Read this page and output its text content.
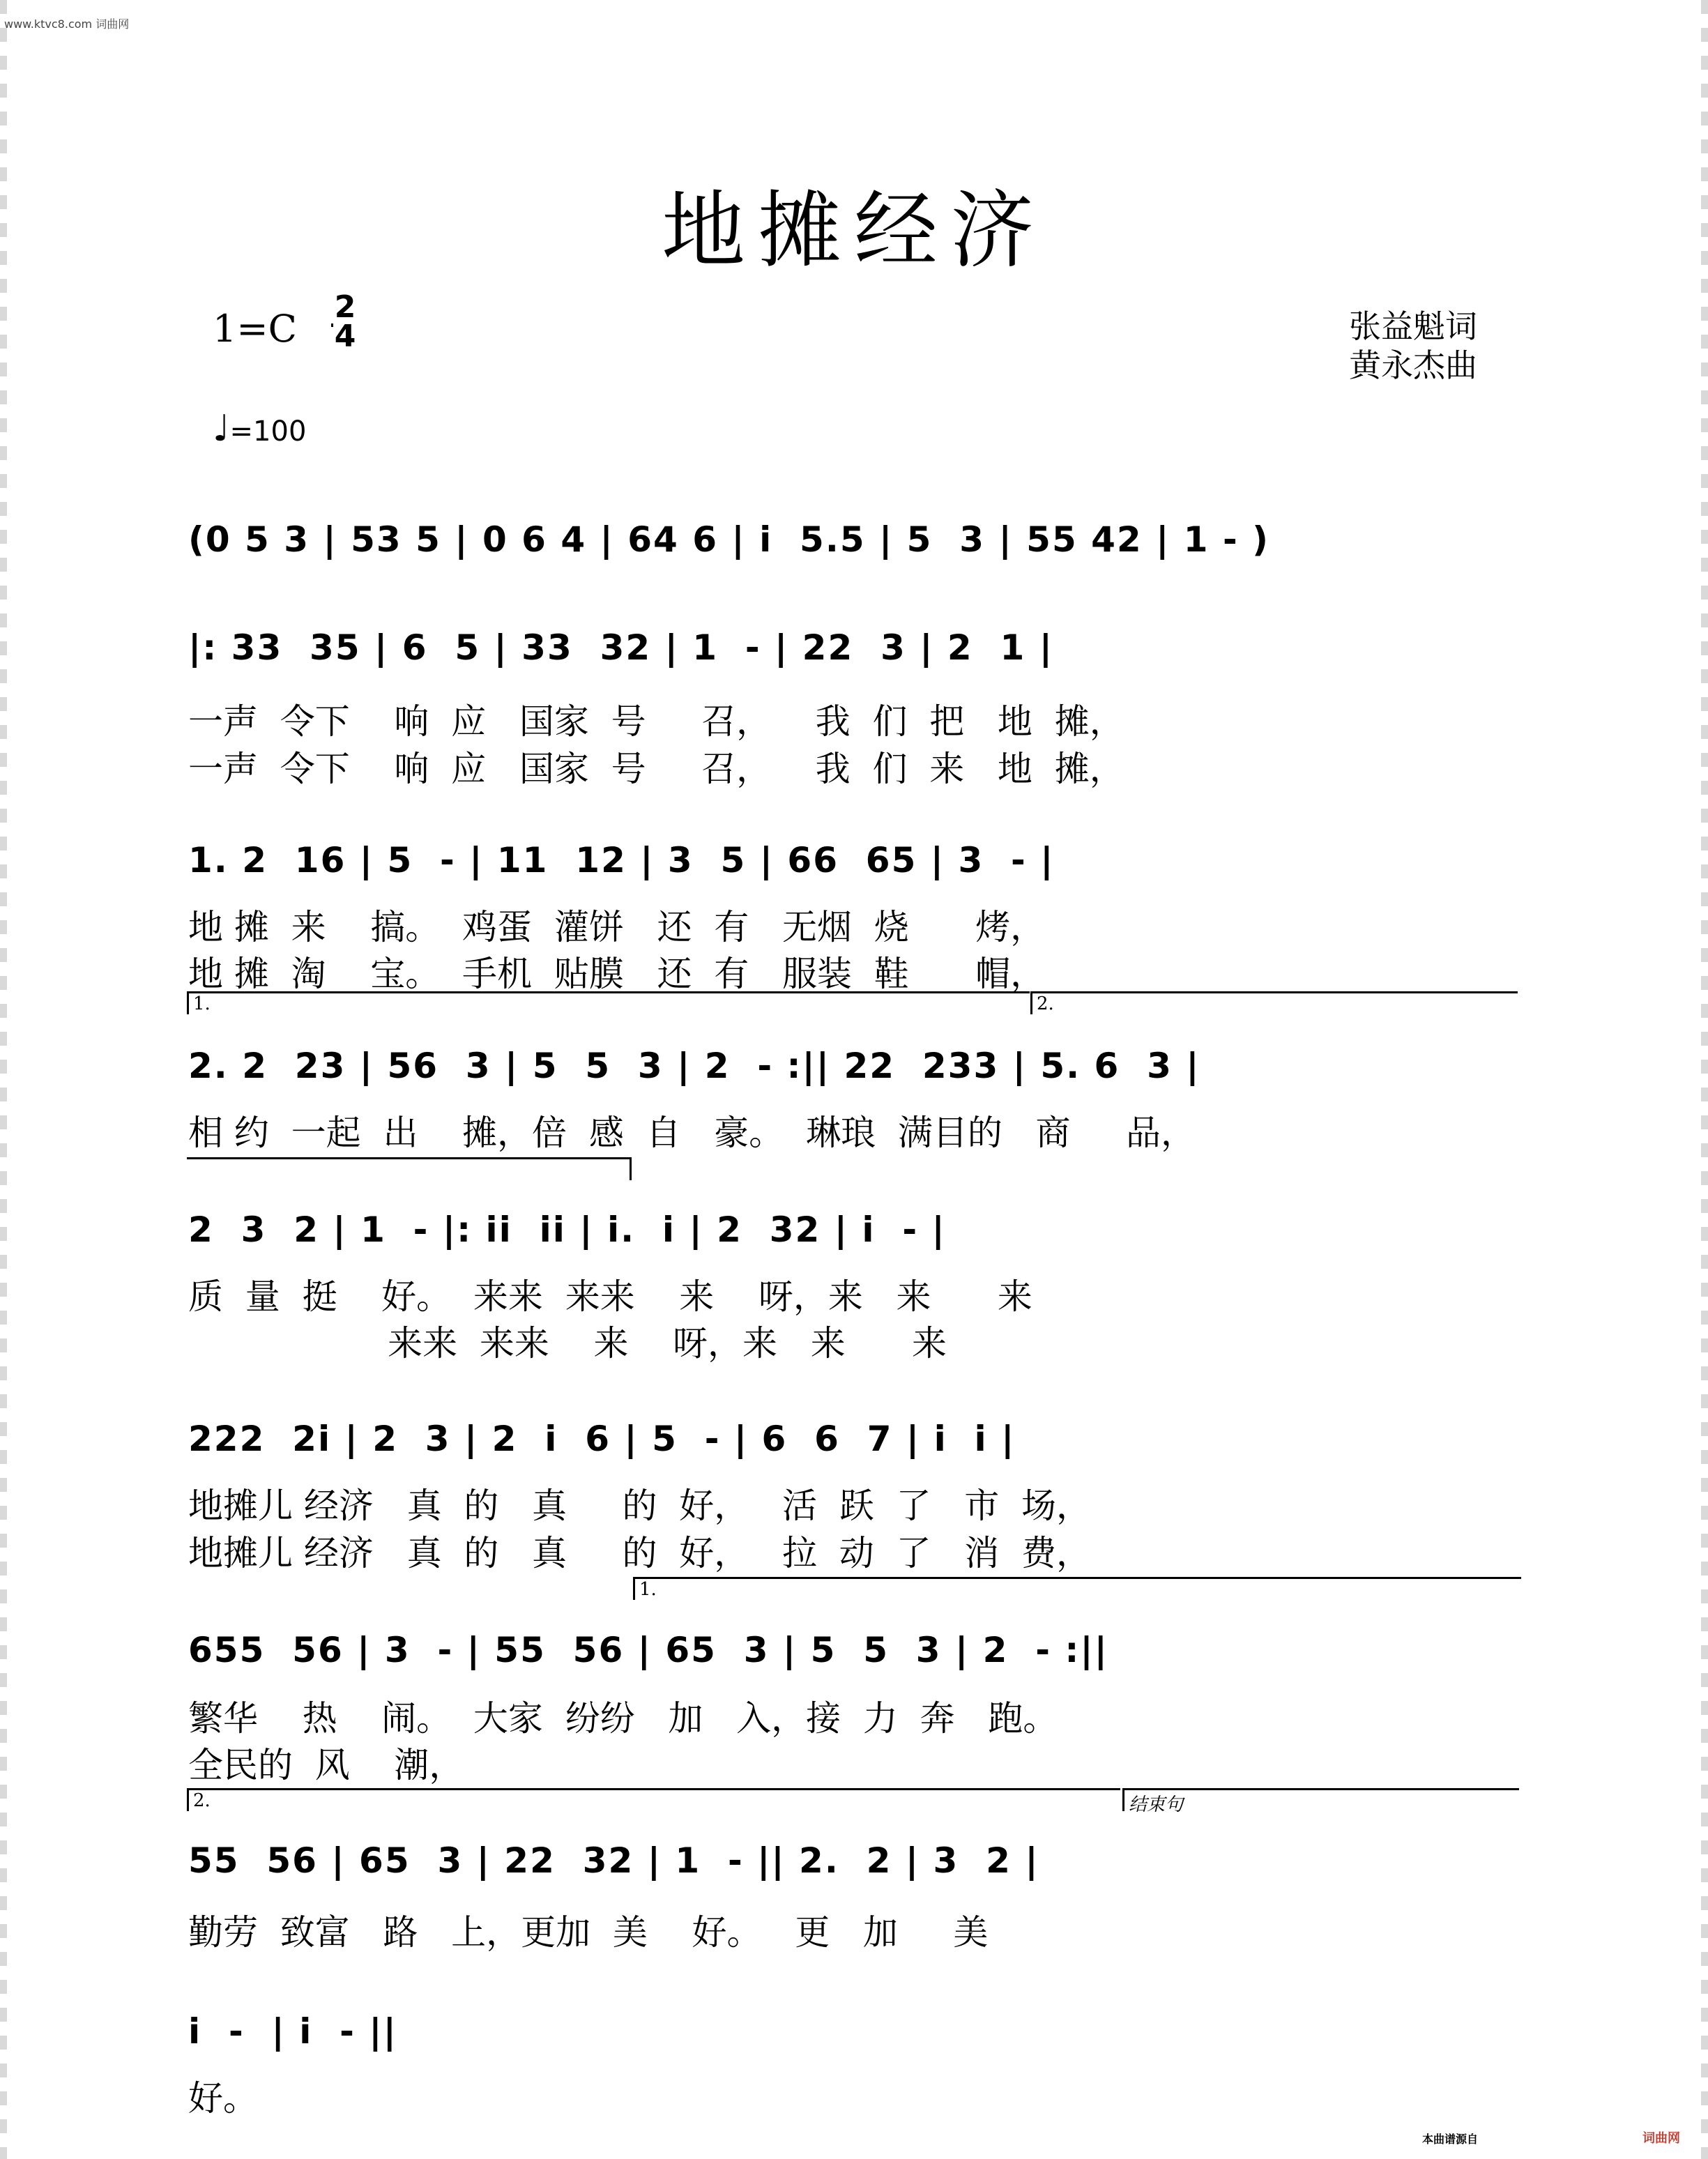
www.ktvc8.com 词曲网
地摊经济
1=C 2
4
♩=100
张益魁词
黄永杰曲
(0 5 3 | 53 5 | 0 6 4 | 64 6 | i  5.5 | 5  3 | 55 42 | 1 - )
|: 33  35 | 6  5 | 33  32 | 1  - | 22  3 | 2  1 |
一声  令下    响  应   国家  号     召，    我  们  把   地  摊，
一声  令下    响  应   国家  号     召，    我  们  来   地  摊，
1. 2  16 | 5  - | 11  12 | 3  5 | 66  65 | 3  - |
地 摊  来    搞。  鸡蛋  灌饼   还  有   无烟  烧      烤，
地 摊  淘    宝。  手机  贴膜   还  有   服装  鞋      帽，
1.	2.
2. 2  23 | 56  3 | 5  5  3 | 2  - :|| 22  233 | 5. 6  3 |
相 约  一起  出    摊，倍  感  自   豪。  琳琅  满目的   商     品，
2  3  2 | 1  - |: ii  ii | i.  i | 2  32 | i  - |
质  量  挺    好。  来来  来来    来    呀，来   来      来
来来  来来    来    呀，来   来      来
222  2i | 2  3 | 2  i  6 | 5  - | 6  6  7 | i  i |
地摊儿 经济   真  的   真     的  好，   活  跃  了   市  场，
地摊儿 经济   真  的   真     的  好，   拉  动  了   消  费，
1.
655  56 | 3  - | 55  56 | 65  3 | 5  5  3 | 2  - :||
繁华    热    闹。  大家  纷纷   加   入，接  力  奔   跑。
全民的  风    潮，
2.	结束句
55  56 | 65  3 | 22  32 | 1  - || 2.  2 | 3  2 |
勤劳  致富   路   上，更加  美    好。   更   加     美
i  -  | i  - ||
好。
本曲谱源自	词曲网
